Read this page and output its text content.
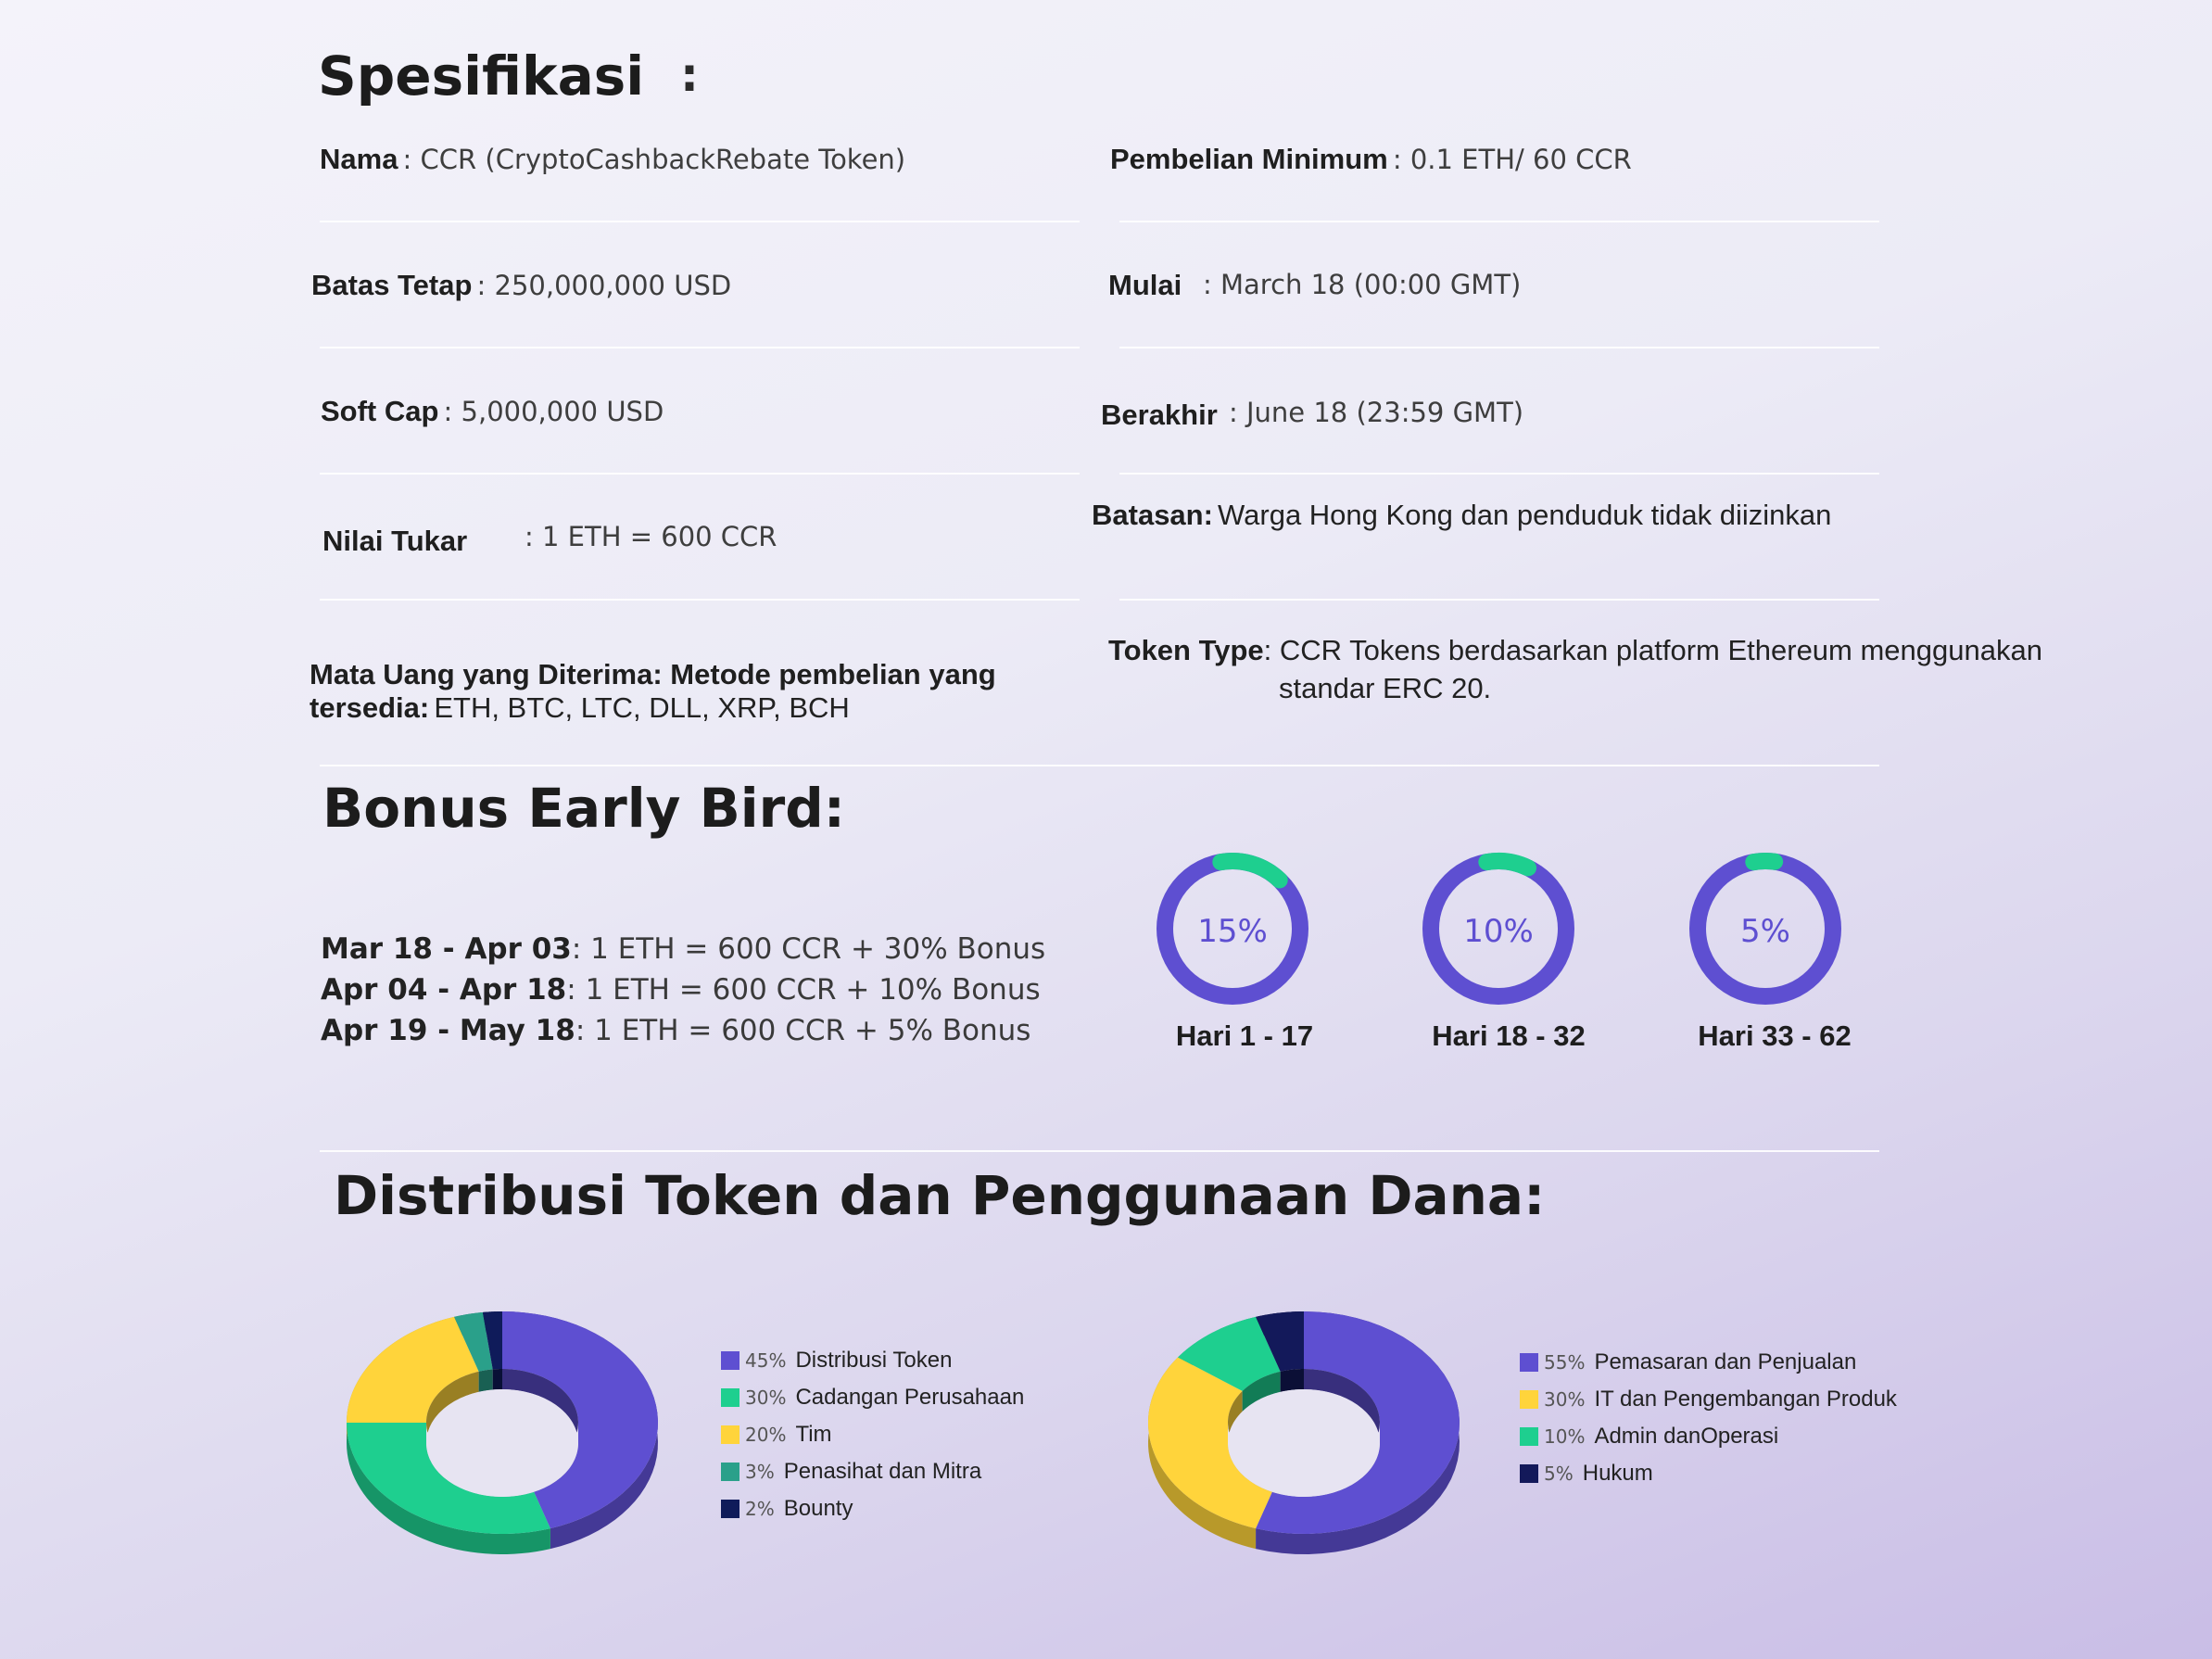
Spesifikasi :
Nama : CCR (CryptoCashbackRebate Token)
Batas Tetap : 250,000,000 USD
Soft Cap : 5,000,000 USD
Nilai Tukar : 1 ETH = 600 CCR
Mata Uang yang Diterima: Metode pembelian yang
tersedia: ETH, BTC, LTC, DLL, XRP, BCH
Pembelian Minimum : 0.1 ETH/ 60 CCR
Mulai : March 18 (00:00 GMT)
Berakhir : June 18 (23:59 GMT)
Batasan: Warga Hong Kong dan penduduk tidak diizinkan
Token Type: CCR Tokens berdasarkan platform Ethereum menggunakan
standar ERC 20.
Bonus Early Bird:
Mar 18 - Apr 03: 1 ETH = 600 CCR + 30% Bonus
Apr 04 - Apr 18: 1 ETH = 600 CCR + 10% Bonus
Apr 19 - May 18: 1 ETH = 600 CCR + 5% Bonus
15%
Hari 1 - 17
10%
Hari 18 - 32
5%
Hari 33 - 62
Distribusi Token dan Penggunaan Dana:
45% Distribusi Token
30% Cadangan Perusahaan
20% Tim
3% Penasihat dan Mitra
2% Bounty
55% Pemasaran dan Penjualan
30% IT dan Pengembangan Produk
10% Admin danOperasi
5% Hukum
